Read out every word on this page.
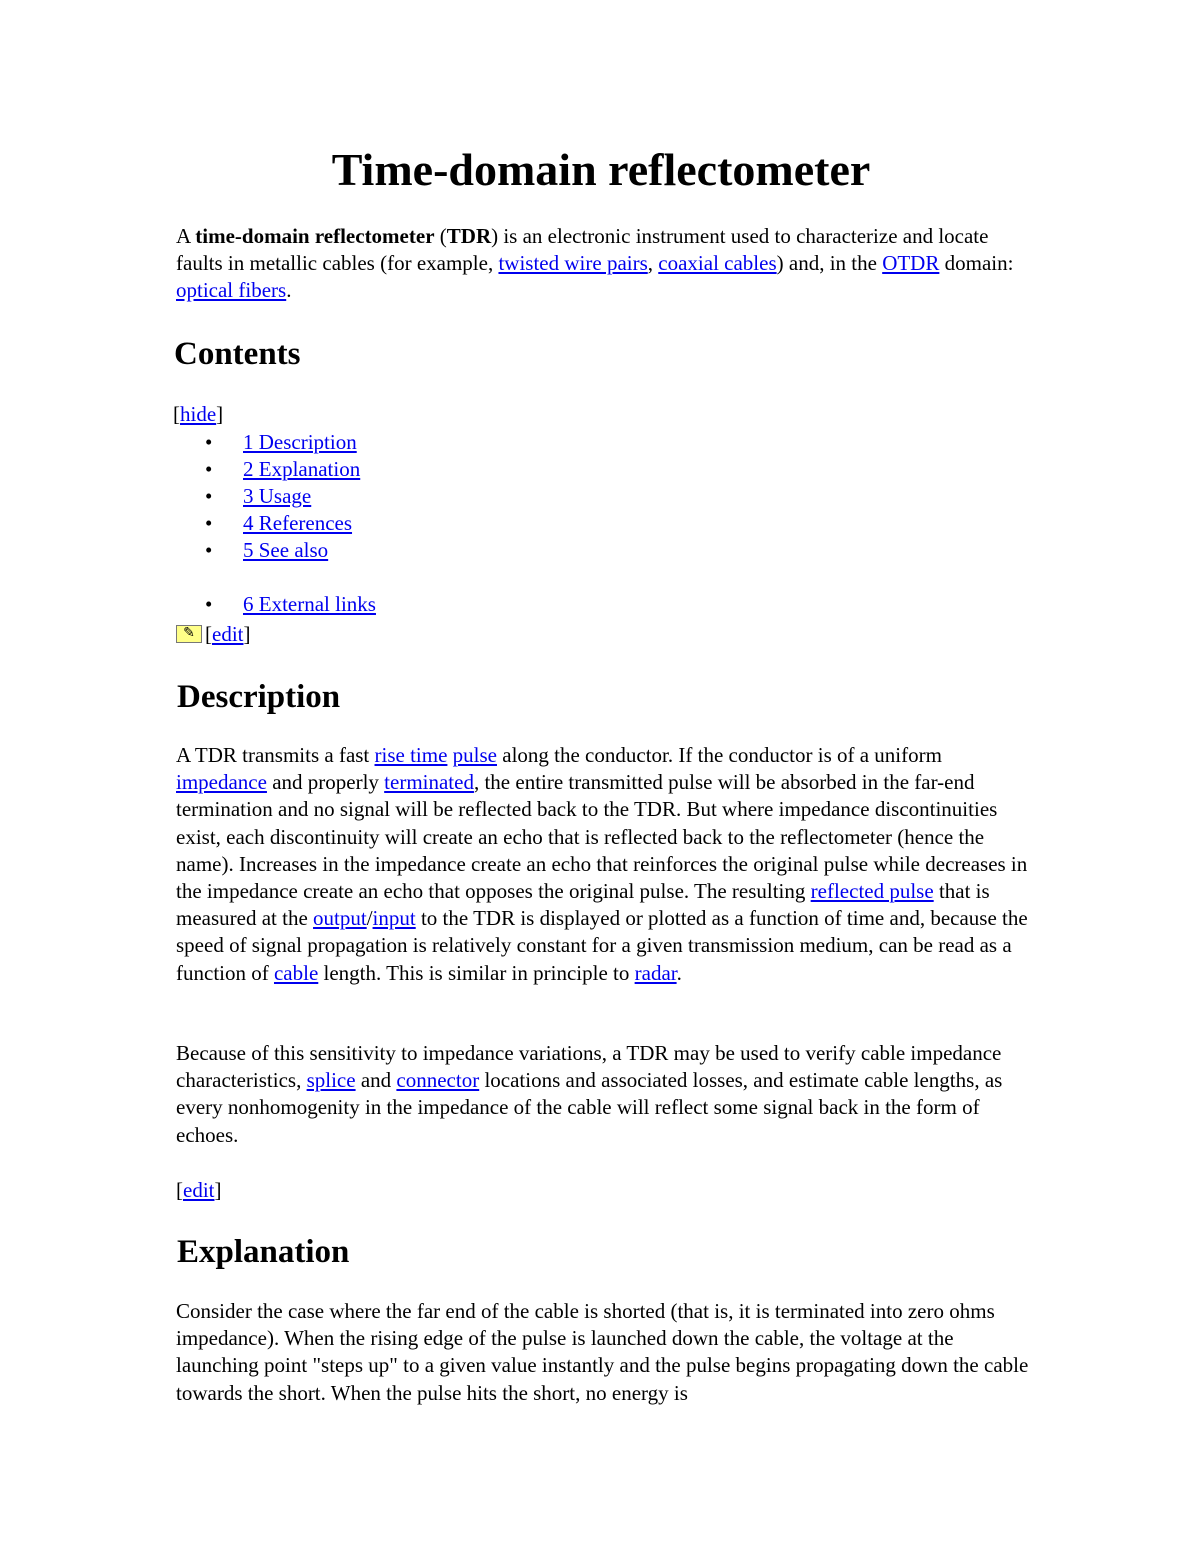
Time-domain reflectometer

A time-domain reflectometer (TDR) is an electronic instrument used to characterize and locate faults in metallic cables (for example, twisted wire pairs, coaxial cables) and, in the OTDR domain: optical fibers.

Contents
[hide]
• 1 Description
• 2 Explanation
• 3 Usage
• 4 References
• 5 See also
• 6 External links
✎ [ edit ]
Description

A TDR transmits a fast rise time pulse along the conductor. If the conductor is of a uniform impedance and properly terminated, the entire transmitted pulse will be absorbed in the far-end termination and no signal will be reflected back to the TDR. But where impedance discontinuities exist, each discontinuity will create an echo that is reflected back to the reflectometer (hence the name). Increases in the impedance create an echo that reinforces the original pulse while decreases in the impedance create an echo that opposes the original pulse. The resulting reflected pulse that is measured at the output/input to the TDR is displayed or plotted as a function of time and, because the speed of signal propagation is relatively constant for a given transmission medium, can be read as a function of cable length. This is similar in principle to radar.

Because of this sensitivity to impedance variations, a TDR may be used to verify cable impedance characteristics, splice and connector locations and associated losses, and estimate cable lengths, as every nonhomogenity in the impedance of the cable will reflect some signal back in the form of echoes.

[edit]
Explanation

Consider the case where the far end of the cable is shorted (that is, it is terminated into zero ohms impedance). When the rising edge of the pulse is launched down the cable, the voltage at the launching point "steps up" to a given value instantly and the pulse begins propagating down the cable towards the short. When the pulse hits the short, no energy is
